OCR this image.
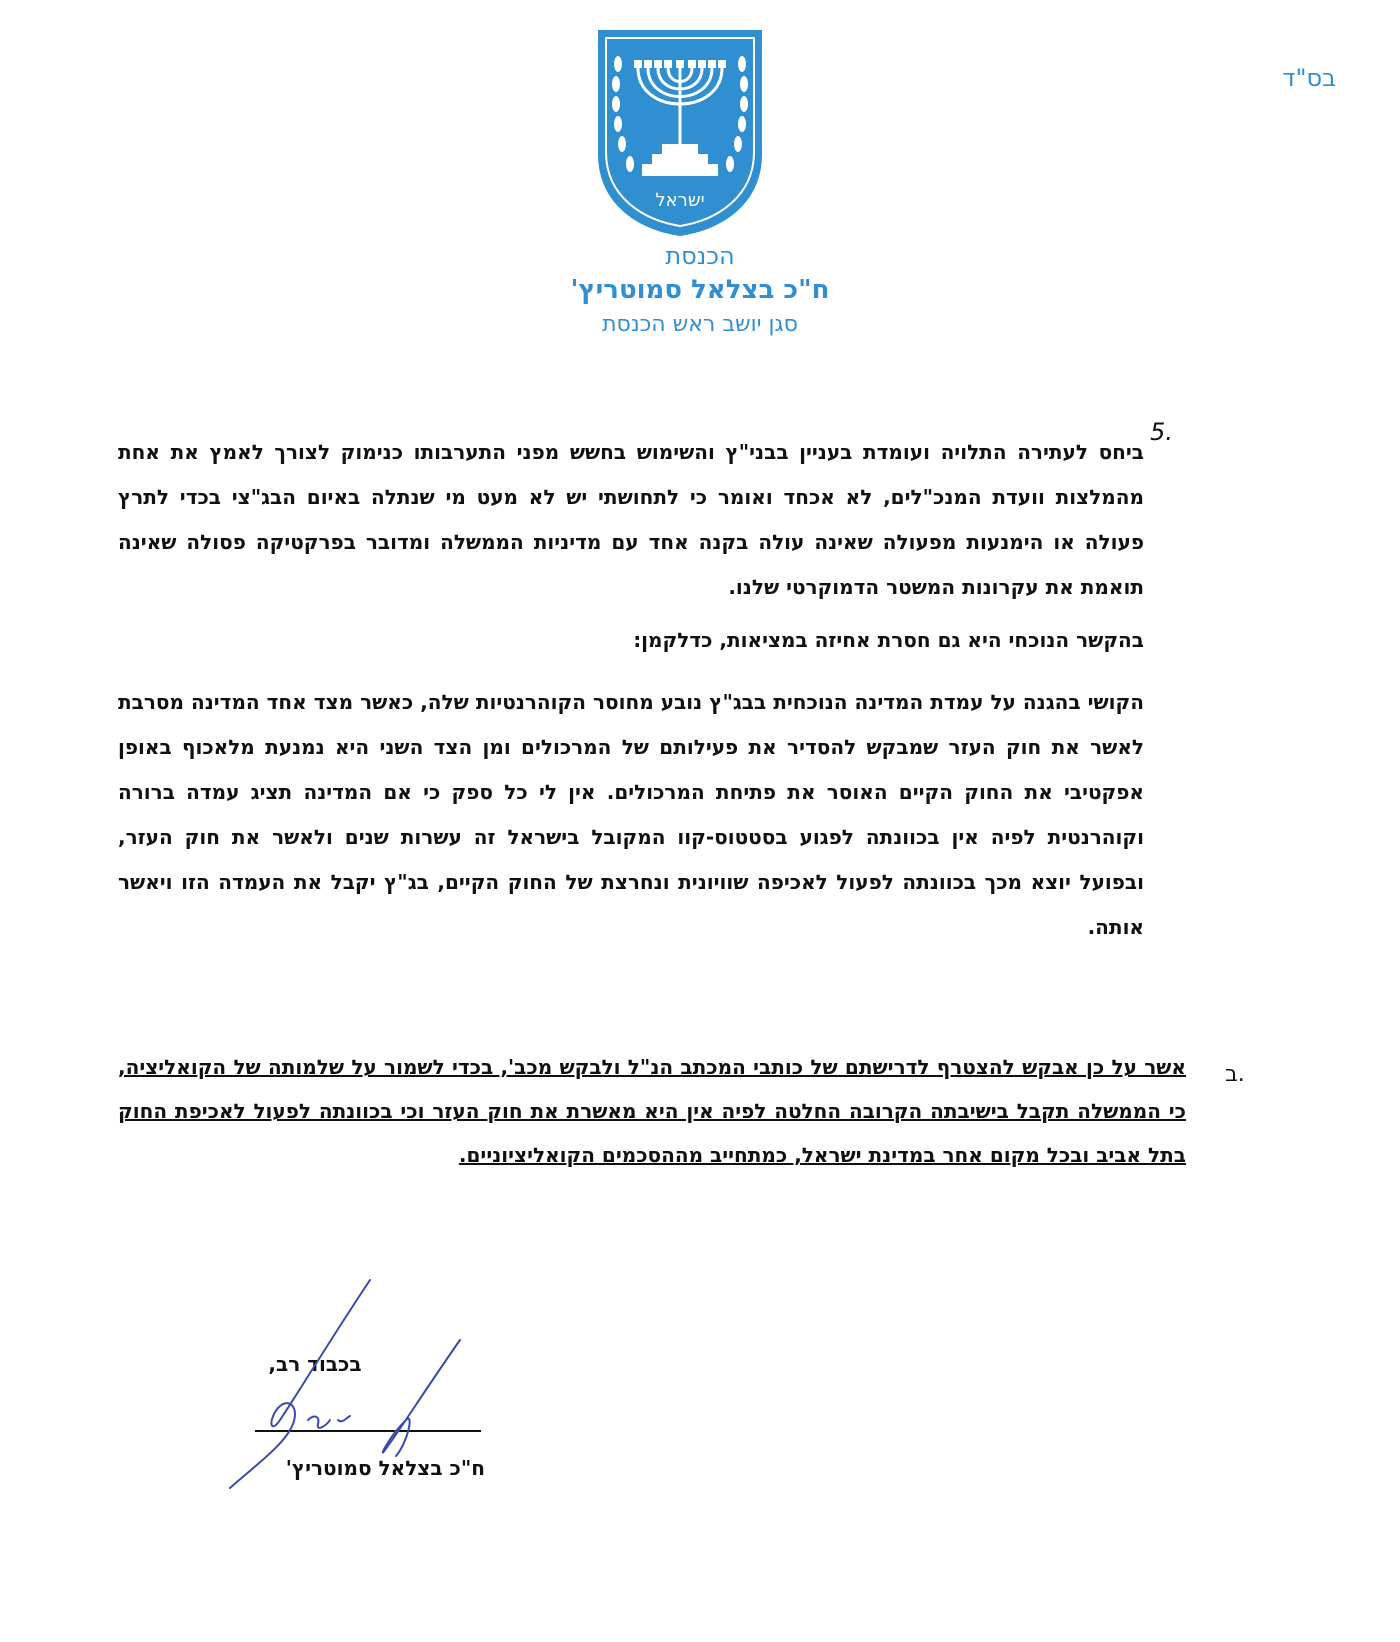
בס"ד
ישראל
הכנסת
ח"כ בצלאל סמוטריץ'
סגן יושב ראש הכנסת
5.

ביחס לעתירה התלויה ועומדת בעניין בבני"ץ והשימוש בחשש מפני התערבותו כנימוק לצורך לאמץ את אחת מהמלצות וועדת המנכ"לים, לא אכחד ואומר כי לתחושתי יש לא מעט מי שנתלה באיום הבג"צי בכדי לתרץ פעולה או הימנעות מפעולה שאינה עולה בקנה אחד עם מדיניות הממשלה ומדובר בפרקטיקה פסולה שאינה תואמת את עקרונות המשטר הדמוקרטי שלנו.

בהקשר הנוכחי היא גם חסרת אחיזה במציאות, כדלקמן:

הקושי בהגנה על עמדת המדינה הנוכחית בבג"ץ נובע מחוסר הקוהרנטיות שלה, כאשר מצד אחד המדינה מסרבת לאשר את חוק העזר שמבקש להסדיר את פעילותם של המרכולים ומן הצד השני היא נמנעת מלאכוף באופן אפקטיבי את החוק הקיים האוסר את פתיחת המרכולים. אין לי כל ספק כי אם המדינה תציג עמדה ברורה וקוהרנטית לפיה אין בכוונתה לפגוע בסטטוס-קוו המקובל בישראל זה עשרות שנים ולאשר את חוק העזר, ובפועל יוצא מכך בכוונתה לפעול לאכיפה שוויונית ונחרצת של החוק הקיים, בג"ץ יקבל את העמדה הזו ויאשר אותה.

ב.

אשר על כן אבקש להצטרף לדרישתם של כותבי המכתב הנ"ל ולבקש מכב', בכדי לשמור על שלמותה של הקואליציה, כי הממשלה תקבל בישיבתה הקרובה החלטה לפיה אין היא מאשרת את חוק העזר וכי בכוונתה לפעול לאכיפת החוק בתל אביב ובכל מקום אחר במדינת ישראל, כמתחייב מההסכמים הקואליציוניים.

בכבוד רב,
ח"כ בצלאל סמוטריץ'
